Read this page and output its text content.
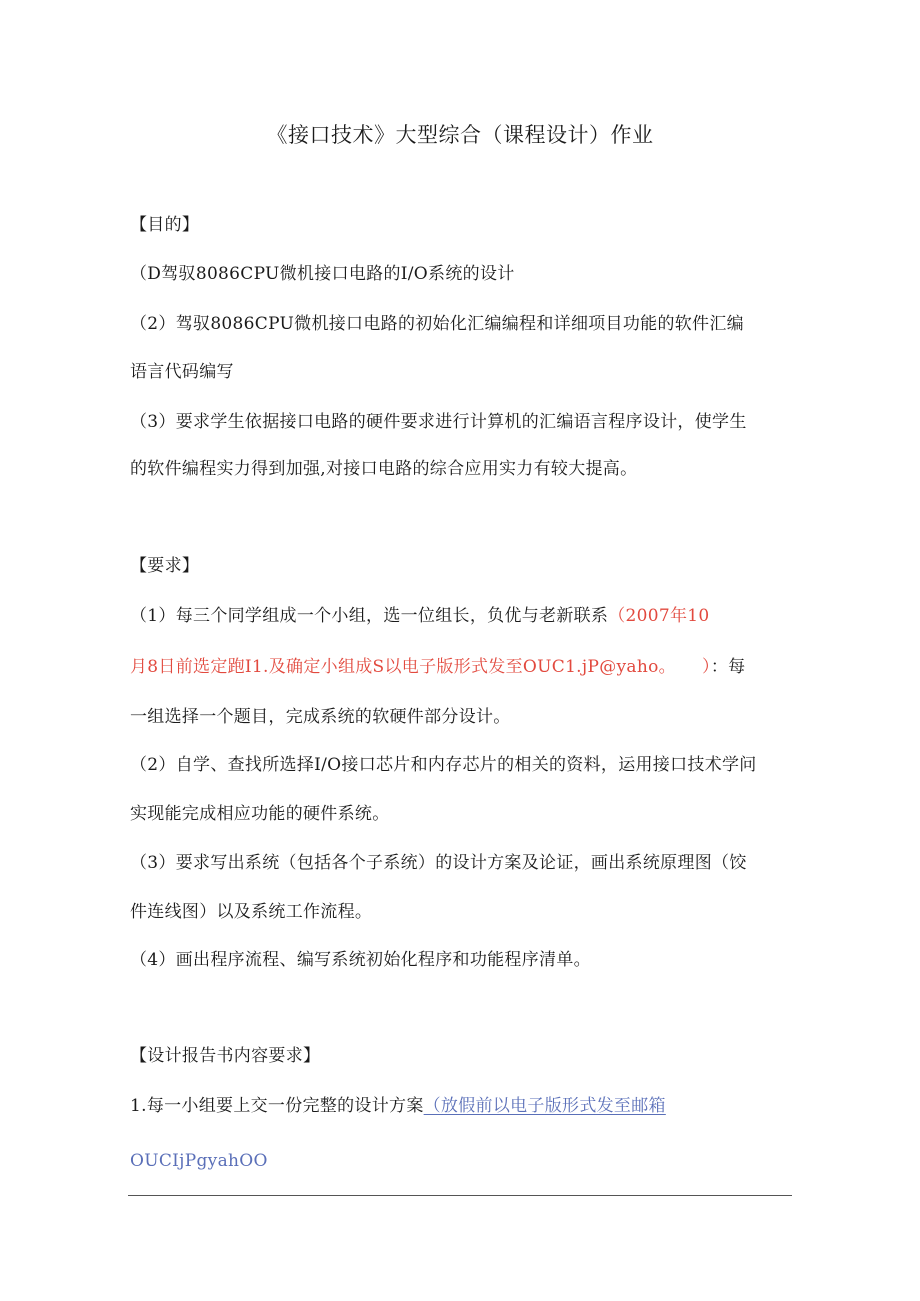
《接口技术》大型综合（课程设计）作业
【目的】
（D驾驭8086CPU微机接口电路的I/O系统的设计
（2）驾驭8086CPU微机接口电路的初始化汇编编程和详细项目功能的软件汇编
语言代码编写
（3）要求学生依据接口电路的硬件要求进行计算机的汇编语言程序设计，使学生
的软件编程实力得到加强,对接口电路的综合应用实力有较大提高。
【要求】
（1）每三个同学组成一个小组，选一位组长，负优与老新联系（2007年10
月8日前选定跑I1.及确定小组成S以电子版形式发至OUC1.jP@yaho。　　）：每
一组选择一个题目，完成系统的软硬件部分设计。
（2）自学、查找所选择I/O接口芯片和内存芯片的相关的资料，运用接口技术学问
实现能完成相应功能的硬件系统。
（3）要求写出系统（包括各个子系统）的设计方案及论证，画出系统原理图（饺
件连线图）以及系统工作流程。
（4）画出程序流程、编写系统初始化程序和功能程序清单。
【设计报告书内容要求】
1.每一小组要上交一份完整的设计方案（放假前以电子版形式发至邮箱
OUCIjPgyahOO
